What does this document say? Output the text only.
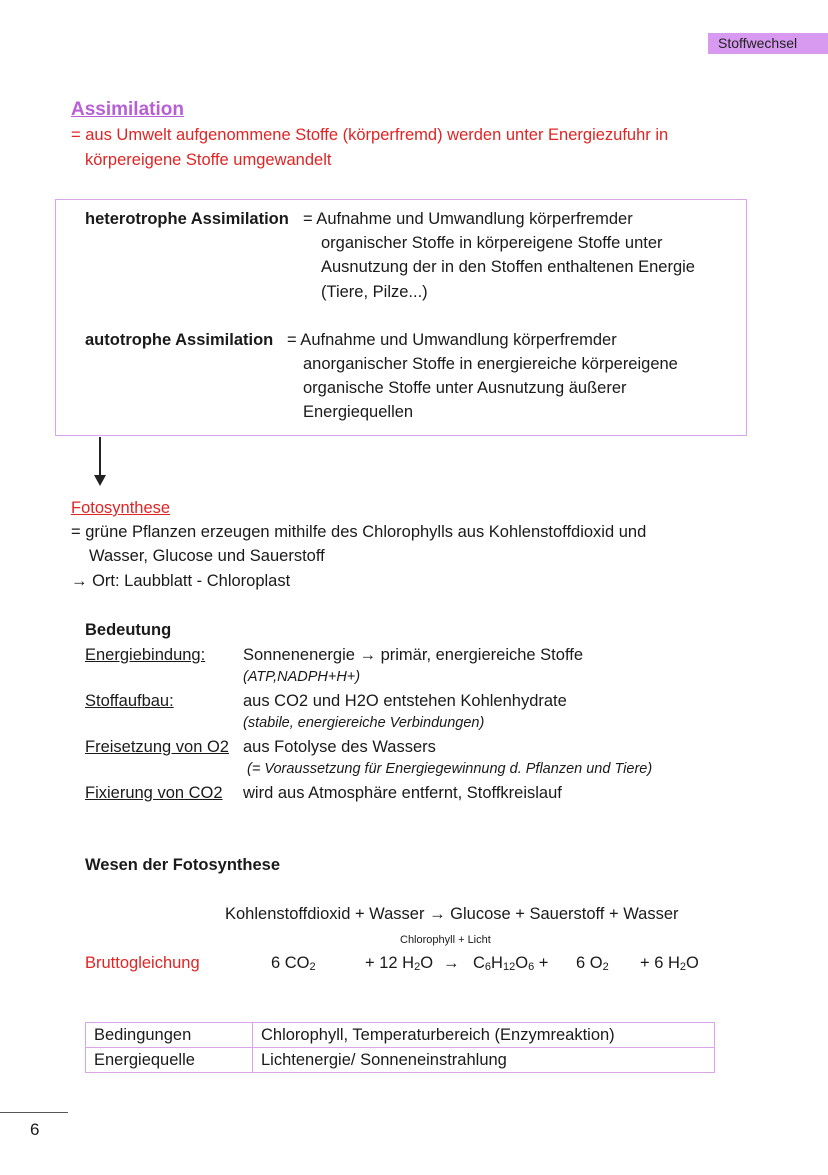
Stoffwechsel
Assimilation
= aus Umwelt aufgenommene Stoffe (körperfremd) werden unter Energiezufuhr in
körpereigene Stoffe umgewandelt
heterotrophe Assimilation = Aufnahme und Umwandlung körperfremder
organischer Stoffe in körpereigene Stoffe unter
Ausnutzung der in den Stoffen enthaltenen Energie
(Tiere, Pilze...)
autotrophe Assimilation = Aufnahme und Umwandlung körperfremder
anorganischer Stoffe in energiereiche körpereigene
organische Stoffe unter Ausnutzung äußerer
Energiequellen
Fotosynthese
= grüne Pflanzen erzeugen mithilfe des Chlorophylls aus Kohlenstoffdioxid und
Wasser, Glucose und Sauerstoff
→ Ort: Laubblatt - Chloroplast
Bedeutung
Energiebindung: Sonnenenergie → primär, energiereiche Stoffe
(ATP,NADPH+H+)
Stoffaufbau:	aus CO2 und H2O entstehen Kohlenhydrate
(stabile, energiereiche Verbindungen)
Freisetzung von O2 aus Fotolyse des Wassers
(= Voraussetzung für Energiegewinnung d. Pflanzen und Tiere)
Fixierung von CO2 wird aus Atmosphäre entfernt, Stoffkreislauf
Wesen der Fotosynthese
Kohlenstoffdioxid + Wasser → Glucose + Sauerstoff + Wasser
Chlorophyll + Licht
Bruttogleichung	6 $CO_2$	+ 12 $H_2O \to C_6H_{12}O_6 + 6$ $O_2 + 6$ $H_2O$
Bedingungen	Chlorophyll, Temperaturbereich (Enzymreaktion)
Energiequelle	Lichtenergie/ Sonneneinstrahlung
6
